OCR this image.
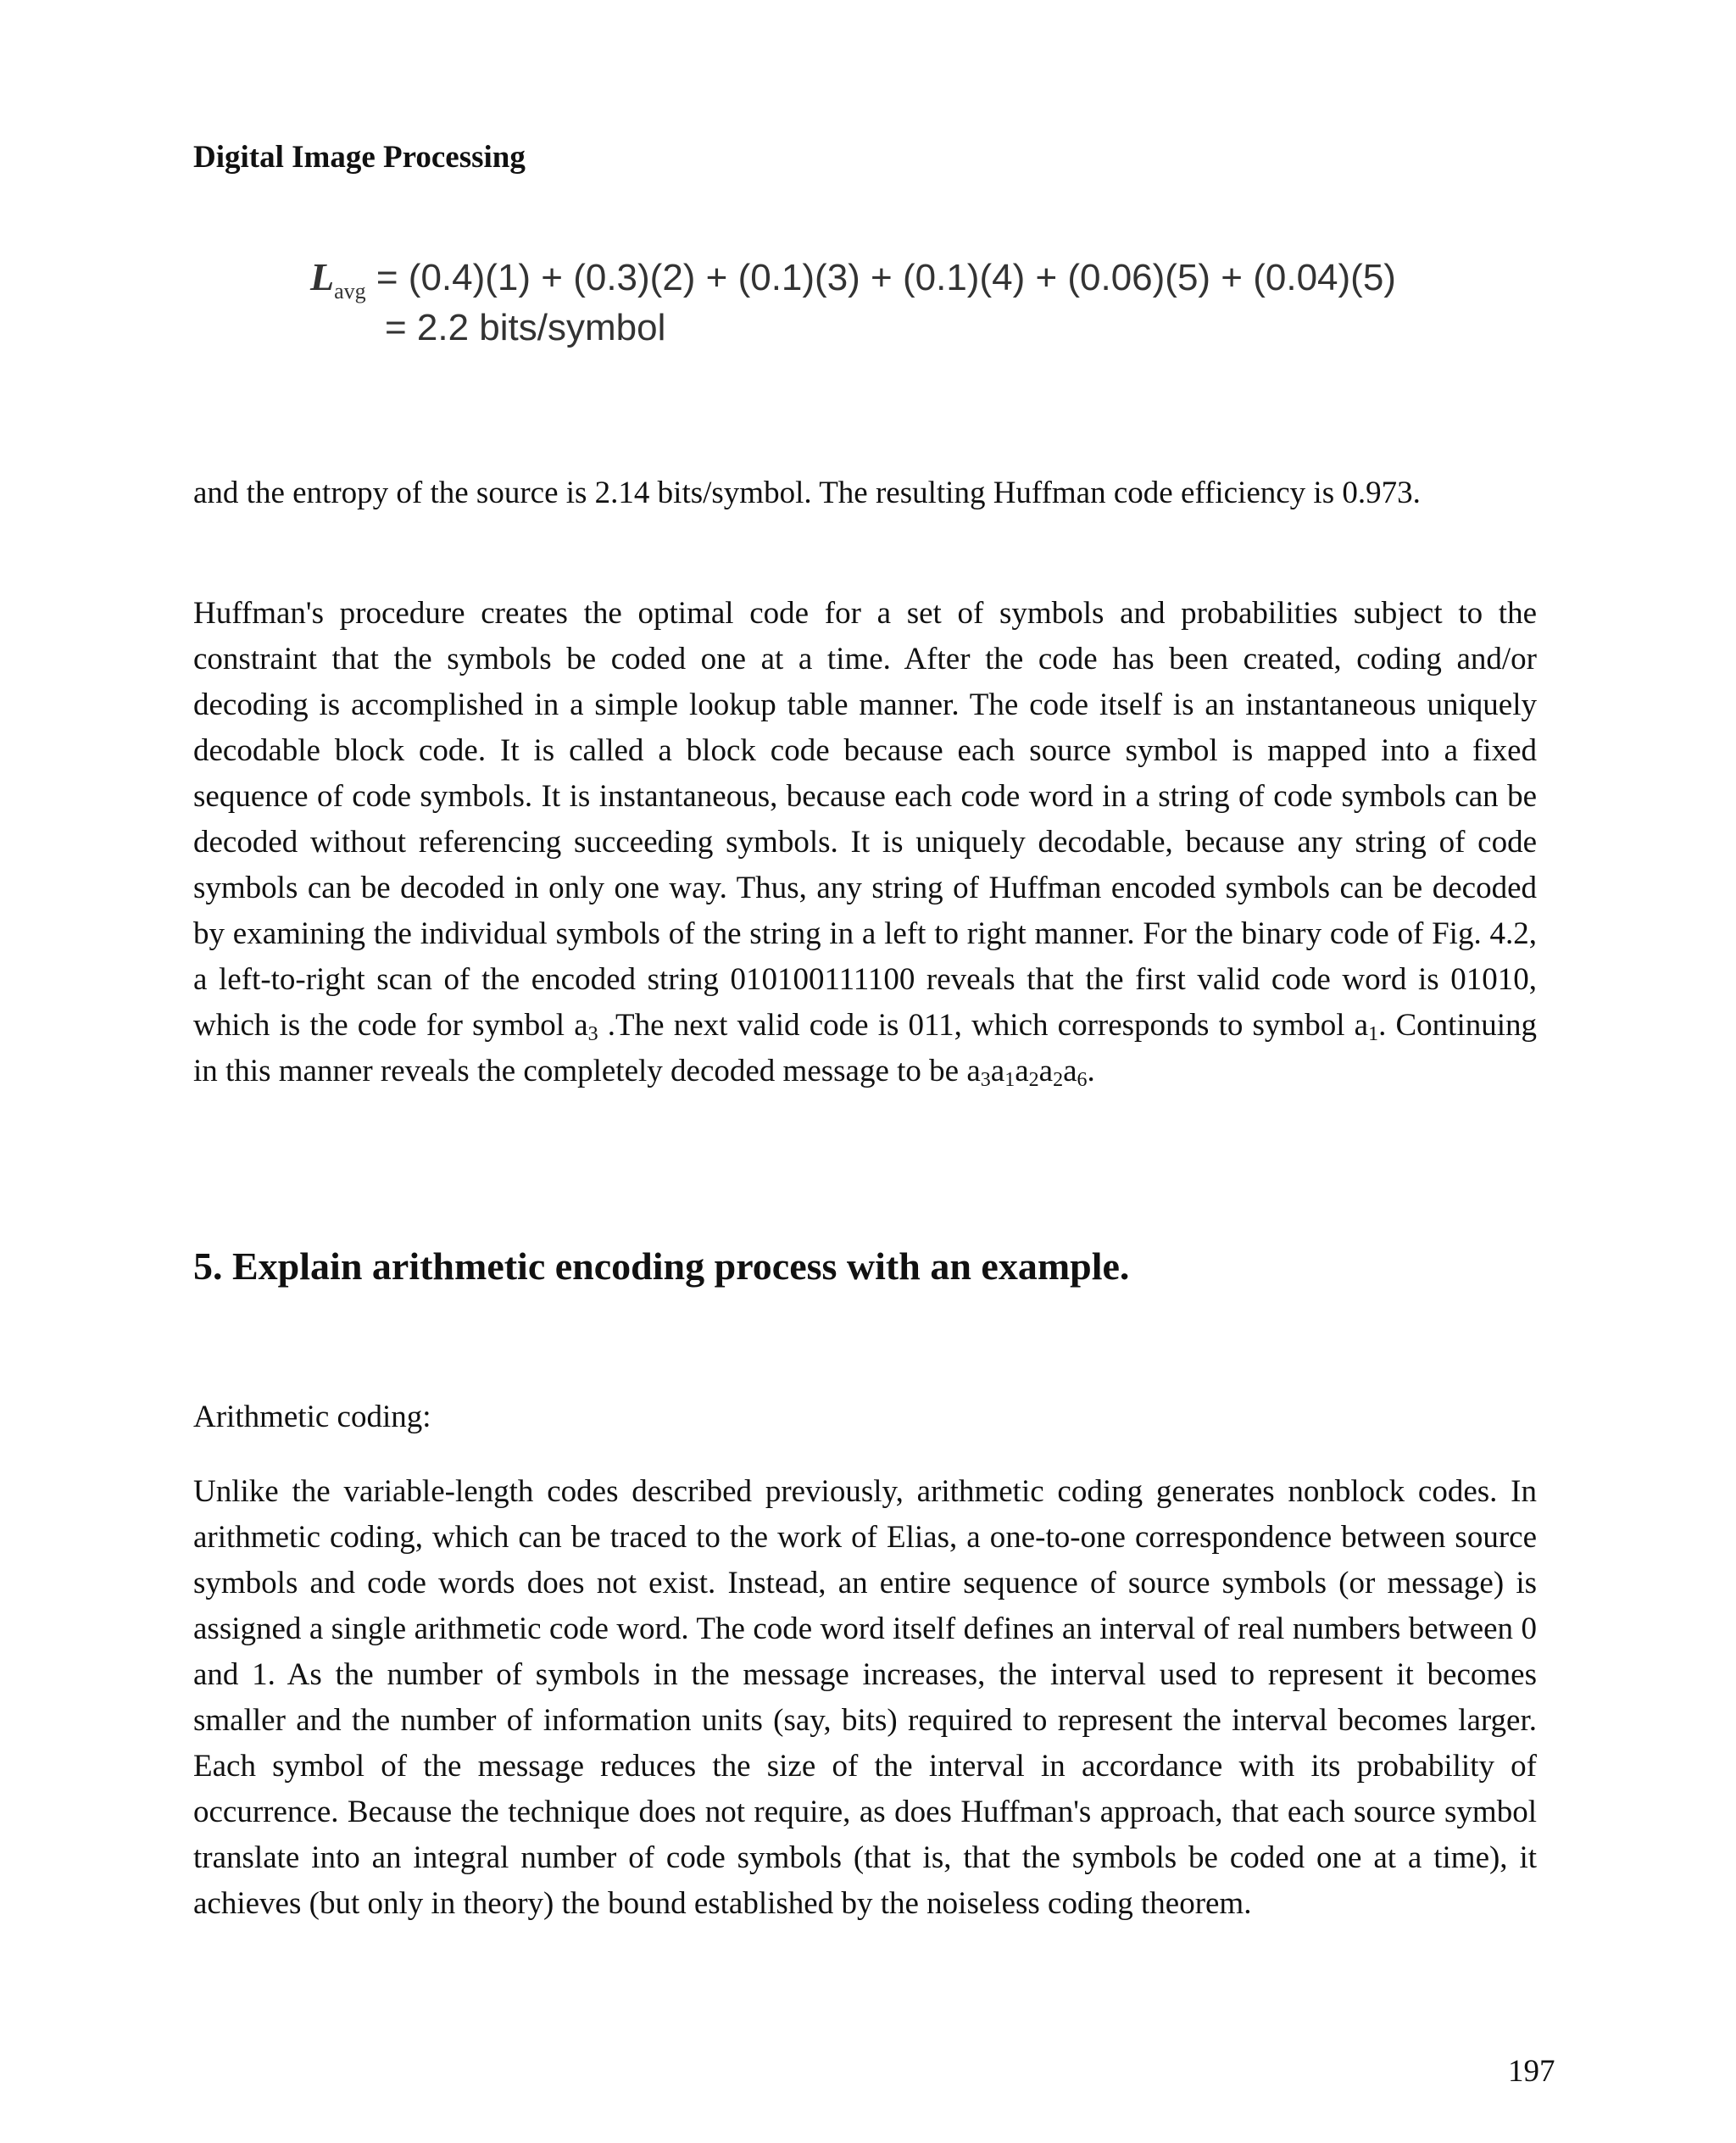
Digital Image Processing
$L_{avg} = (0.4)(1) + (0.3)(2) + (0.1)(3) + (0.1)(4) + (0.06)(5) + (0.04)(5)$
= 2.2 bits/symbol

and the entropy of the source is 2.14 bits/symbol. The resulting Huffman code efficiency is 0.973.

Huffman's procedure creates the optimal code for a set of symbols and probabilities subject to the constraint that the symbols be coded one at a time. After the code has been created, coding and/or decoding is accomplished in a simple lookup table manner. The code itself is an instantaneous uniquely decodable block code. It is called a block code because each source symbol is mapped into a fixed sequence of code symbols. It is instantaneous, because each code word in a string of code symbols can be decoded without referencing succeeding symbols. It is uniquely decodable, because any string of code symbols can be decoded in only one way. Thus, any string of Huffman encoded symbols can be decoded by examining the individual symbols of the string in a left to right manner. For the binary code of Fig. 4.2, a left-to-right scan of the encoded string 010100111100 reveals that the first valid code word is 01010, which is the code for symbol $a_3$ .The next valid code is 011, which corresponds to symbol $a_1$. Continuing in this manner reveals the completely decoded message to be $a_3a_1a_2a_2a_6$.

5. Explain arithmetic encoding process with an example.
Arithmetic coding:

Unlike the variable-length codes described previously, arithmetic coding generates nonblock codes. In arithmetic coding, which can be traced to the work of Elias, a one-to-one correspondence between source symbols and code words does not exist. Instead, an entire sequence of source symbols (or message) is assigned a single arithmetic code word. The code word itself defines an interval of real numbers between 0 and 1. As the number of symbols in the message increases, the interval used to represent it becomes smaller and the number of information units (say, bits) required to represent the interval becomes larger. Each symbol of the message reduces the size of the interval in accordance with its probability of occurrence. Because the technique does not require, as does Huffman's approach, that each source symbol translate into an integral number of code symbols (that is, that the symbols be coded one at a time), it achieves (but only in theory) the bound established by the noiseless coding theorem.

197
